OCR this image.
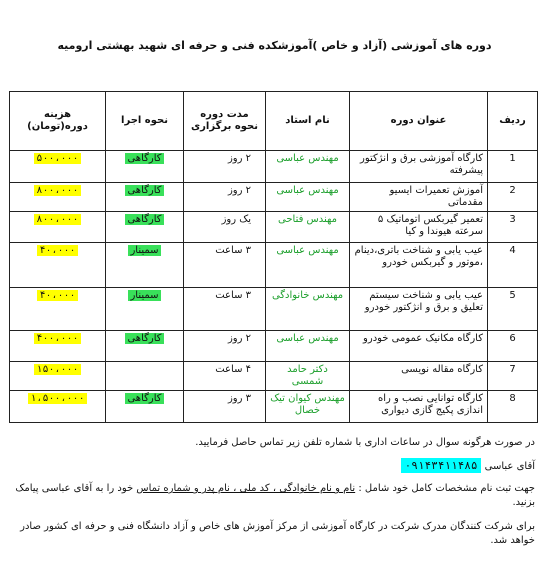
دوره های آموزشی (آزاد و خاص )آموزشکده فنی و حرفه ای شهید بهشتی ارومیه
ردیف	عنوان دوره	نام استاد	مدت دوره نحوه برگزاری	نحوه اجرا	هزینه دوره(تومان)
1	کارگاه آموزشی برق و انژکتور پیشرفته	مهندس عباسی	۲ روز	کارگاهی	۵۰۰،۰۰۰
2	آموزش تعمیرات ایسیو مقدماتی	مهندس عباسی	۲ روز	کارگاهی	۸۰۰،۰۰۰
3	تعمیر گیربکس اتوماتیک ۵ سرعته هیوندا و کیا	مهندس فتاحی	یک روز	کارگاهی	۸۰۰،۰۰۰
4	عیب یابی و شناخت باتری،دینام ،موتور و گیربکس خودرو	مهندس عباسی	۳ ساعت	سمینار	۴۰،۰۰۰
5	عیب یابی و شناخت سیستم تعلیق و برق و انژکتور خودرو	مهندس خانوادگی	۳ ساعت	سمینار	۴۰،۰۰۰
6	کارگاه مکانیک عمومی خودرو	مهندس عباسی	۲ روز	کارگاهی	۴۰۰،۰۰۰
7	کارگاه مقاله نویسی	دکتر حامد شمسی	۴ ساعت		۱۵۰،۰۰۰
8	کارگاه توانایی نصب و راه اندازی پکیج گازی دیواری	مهندس کیوان تیک خصال	۳ روز	کارگاهی	۱،۵۰۰،۰۰۰

در صورت هرگونه سوال در ساعات اداری با شماره تلفن زیر تماس حاصل فرمایید.

آقای عباسی ۰۹۱۴۳۴۱۱۴۸۵

جهت ثبت نام مشخصات کامل خود شامل : نام و نام خانوادگی ، کد ملی ، نام پدر و شماره تماس خود را به آقای عباسی پیامک بزنید.

برای شرکت کنندگان مدرک شرکت در کارگاه آموزشی از مرکز آموزش های خاص و آزاد دانشگاه فنی و حرفه ای کشور صادر خواهد شد.
